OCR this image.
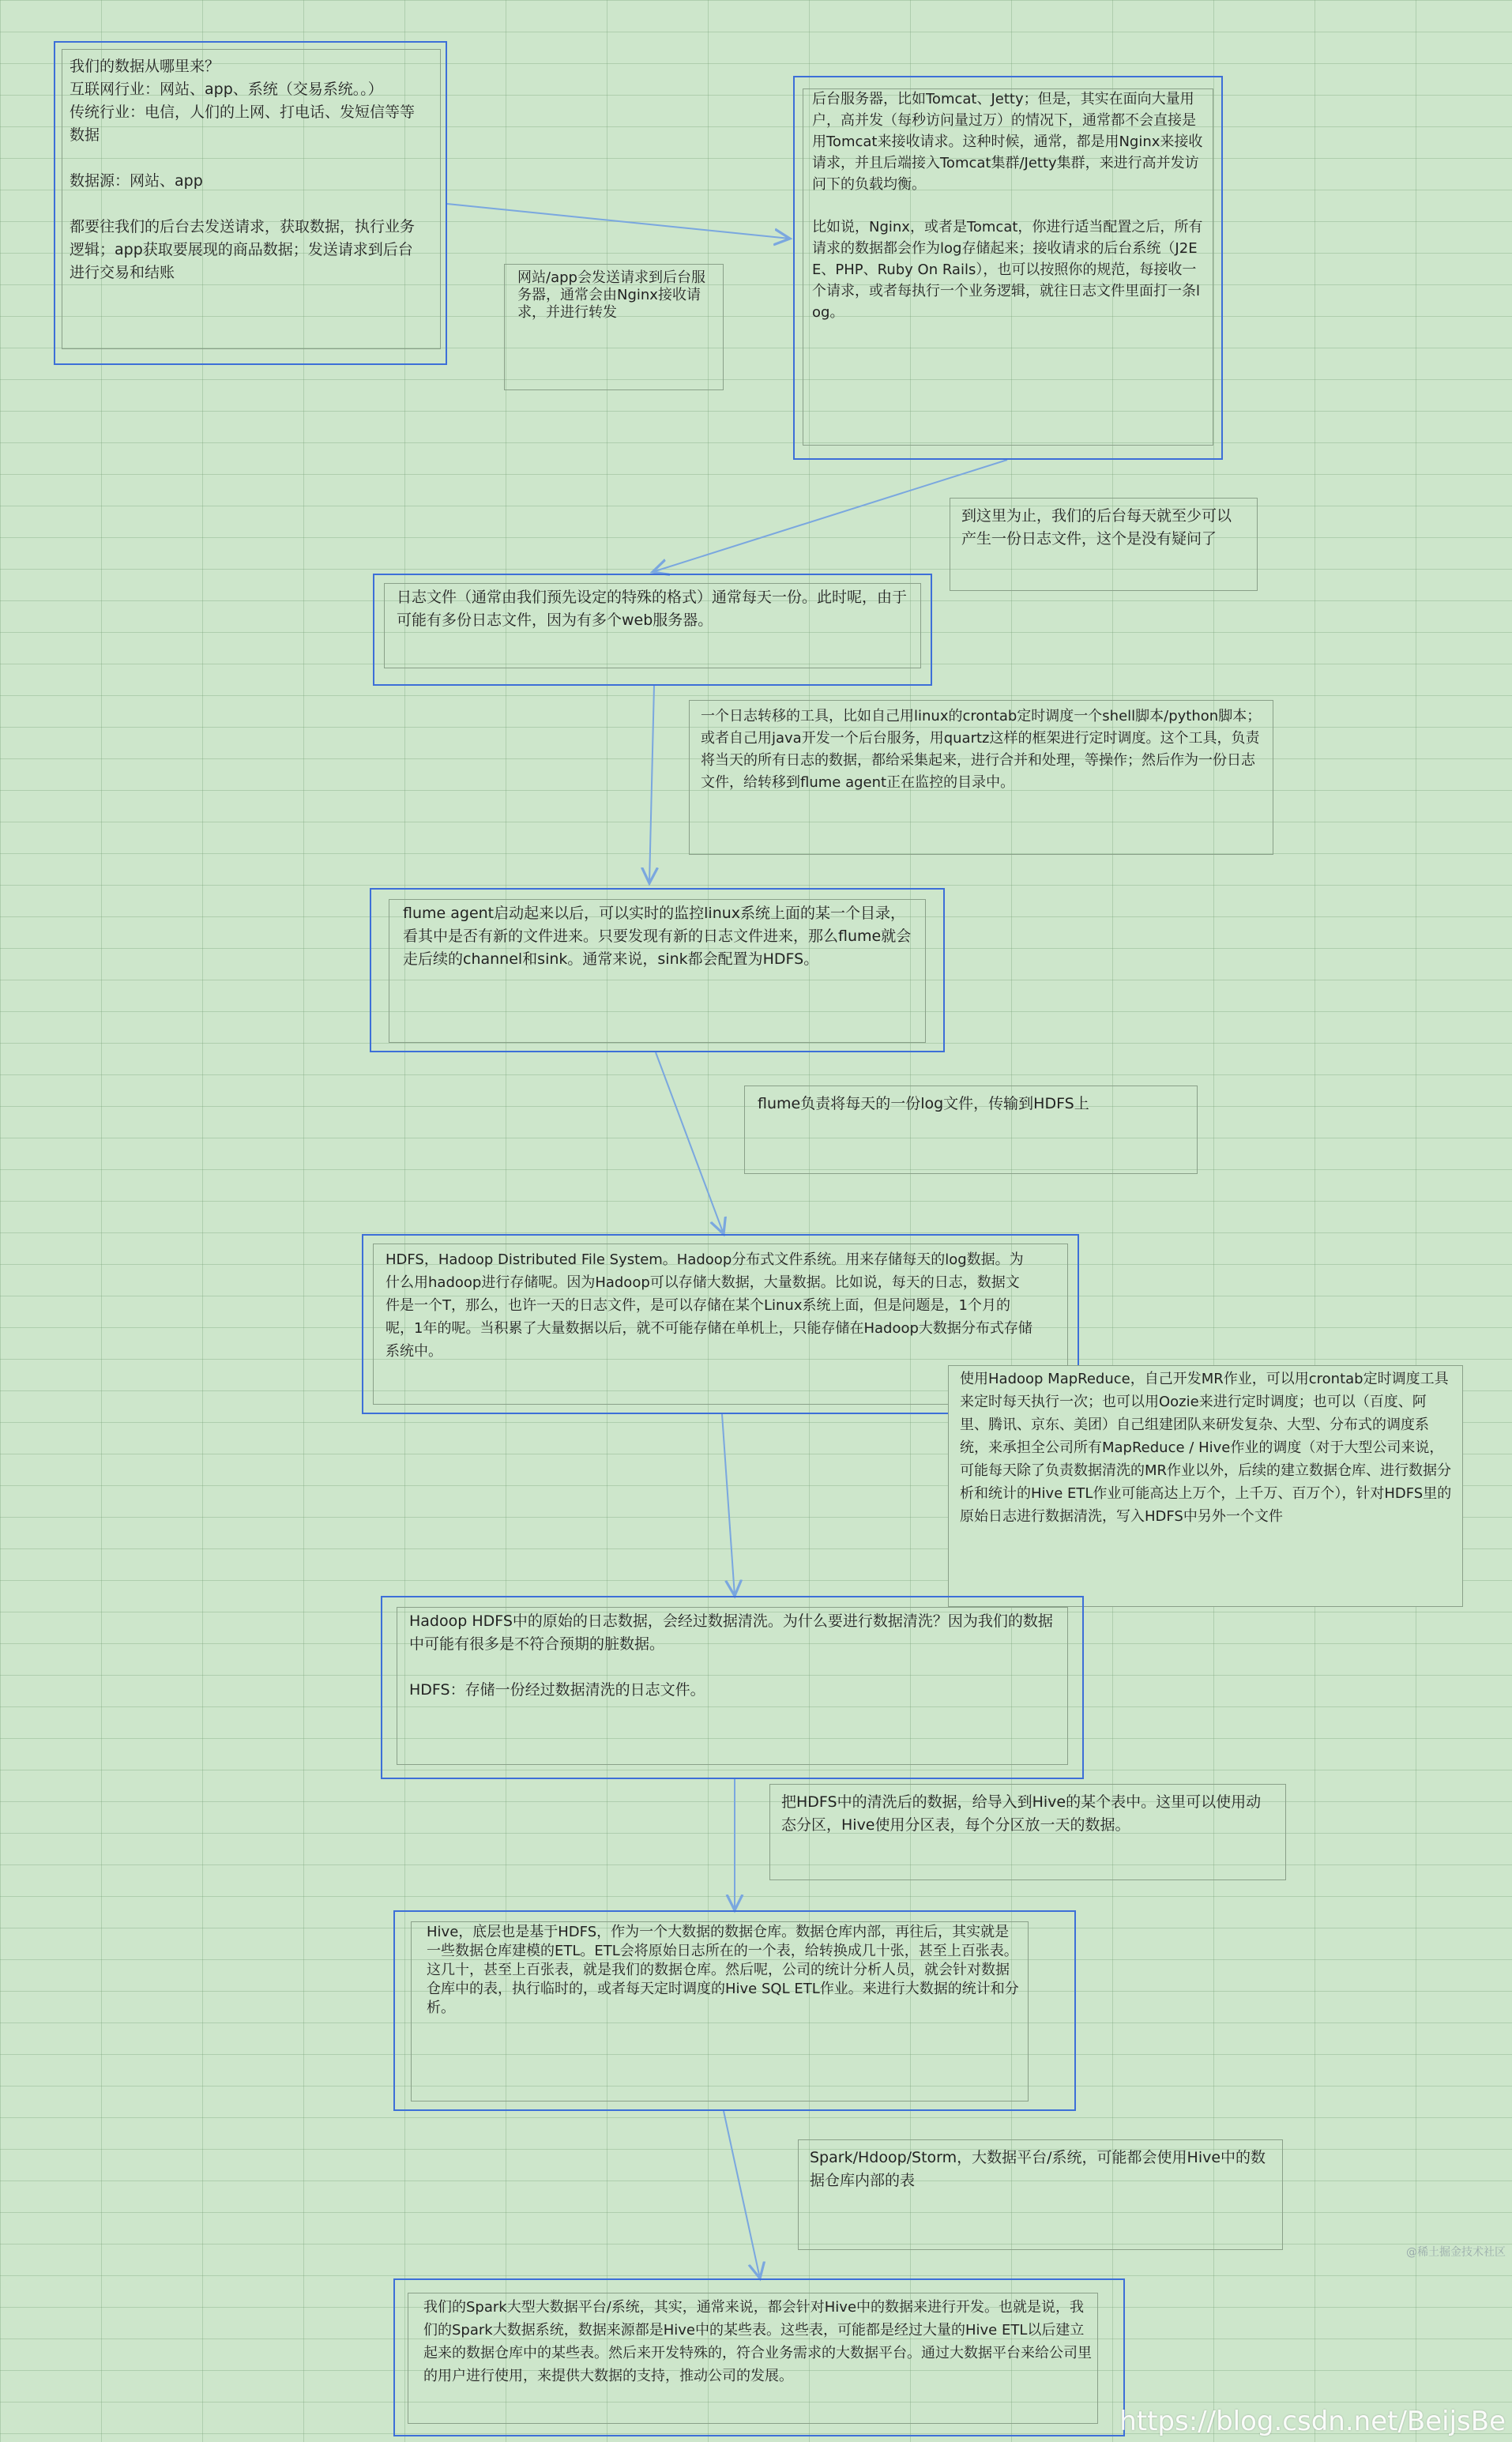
我们的数据从哪里来？
互联网行业：网站、app、系统（交易系统。。）
传统行业：电信，人们的上网、打电话、发短信等等数据

数据源：网站、app

都要往我们的后台去发送请求，获取数据，执行业务逻辑；app获取要展现的商品数据；发送请求到后台进行交易和结账	网站/app会发送请求到后台服务器，通常会由Nginx接收请求，并进行转发
后台服务器，比如Tomcat、Jetty；但是，其实在面向大量用户，高并发（每秒访问量过万）的情况下，通常都不会直接是用Tomcat来接收请求。这种时候，通常，都是用Nginx来接收请求，并且后端接入Tomcat集群/Jetty集群，来进行高并发访问下的负载均衡。

比如说，Nginx，或者是Tomcat，你进行适当配置之后，所有请求的数据都会作为log存储起来；接收请求的后台系统（J2EE、PHP、Ruby On Rails），也可以按照你的规范，每接收一个请求，或者每执行一个业务逻辑，就往日志文件里面打一条log。
到这里为止，我们的后台每天就至少可以产生一份日志文件，这个是没有疑问了
日志文件（通常由我们预先设定的特殊的格式）通常每天一份。此时呢，由于可能有多份日志文件，因为有多个web服务器。
一个日志转移的工具，比如自己用linux的crontab定时调度一个shell脚本/python脚本；或者自己用java开发一个后台服务，用quartz这样的框架进行定时调度。这个工具，负责将当天的所有日志的数据，都给采集起来，进行合并和处理，等操作；然后作为一份日志文件，给转移到flume agent正在监控的目录中。
flume agent启动起来以后，可以实时的监控linux系统上面的某一个目录，看其中是否有新的文件进来。只要发现有新的日志文件进来，那么flume就会走后续的channel和sink。通常来说，sink都会配置为HDFS。
flume负责将每天的一份log文件，传输到HDFS上
HDFS，Hadoop Distributed File System。Hadoop分布式文件系统。用来存储每天的log数据。为什么用hadoop进行存储呢。因为Hadoop可以存储大数据，大量数据。比如说，每天的日志，数据文件是一个T，那么，也许一天的日志文件，是可以存储在某个Linux系统上面，但是问题是，1个月的呢，1年的呢。当积累了大量数据以后，就不可能存储在单机上，只能存储在Hadoop大数据分布式存储系统中。
使用Hadoop MapReduce，自己开发MR作业，可以用crontab定时调度工具来定时每天执行一次；也可以用Oozie来进行定时调度；也可以（百度、阿里、腾讯、京东、美团）自己组建团队来研发复杂、大型、分布式的调度系统，来承担全公司所有MapReduce / Hive作业的调度（对于大型公司来说，可能每天除了负责数据清洗的MR作业以外，后续的建立数据仓库、进行数据分析和统计的Hive ETL作业可能高达上万个，上千万、百万个），针对HDFS里的原始日志进行数据清洗，写入HDFS中另外一个文件
Hadoop HDFS中的原始的日志数据，会经过数据清洗。为什么要进行数据清洗？因为我们的数据中可能有很多是不符合预期的脏数据。

HDFS：存储一份经过数据清洗的日志文件。
把HDFS中的清洗后的数据，给导入到Hive的某个表中。这里可以使用动态分区，Hive使用分区表，每个分区放一天的数据。
Hive，底层也是基于HDFS，作为一个大数据的数据仓库。数据仓库内部，再往后，其实就是一些数据仓库建模的ETL。ETL会将原始日志所在的一个表，给转换成几十张，甚至上百张表。这几十，甚至上百张表，就是我们的数据仓库。然后呢，公司的统计分析人员，就会针对数据仓库中的表，执行临时的，或者每天定时调度的Hive SQL ETL作业。来进行大数据的统计和分析。
Spark/Hdoop/Storm，大数据平台/系统，可能都会使用Hive中的数据仓库内部的表
我们的Spark大型大数据平台/系统，其实，通常来说，都会针对Hive中的数据来进行开发。也就是说，我们的Spark大数据系统，数据来源都是Hive中的某些表。这些表，可能都是经过大量的Hive ETL以后建立起来的数据仓库中的某些表。然后来开发特殊的，符合业务需求的大数据平台。通过大数据平台来给公司里的用户进行使用，来提供大数据的支持，推动公司的发展。
@稀土掘金技术社区
https://blog.csdn.net/BeijsBe
